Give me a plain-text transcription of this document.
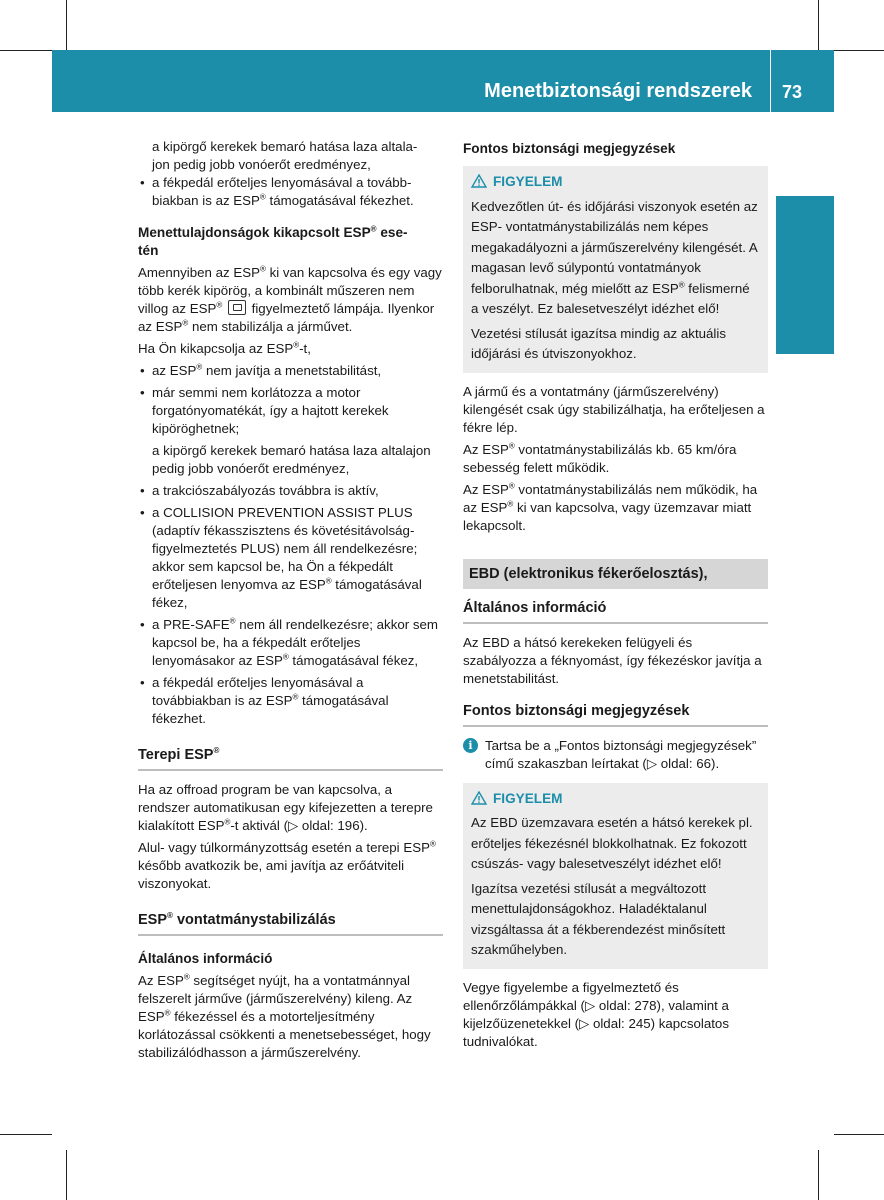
Menetbiztonsági rendszerek 73
Biztonság

a kipörgő kerekek bemaró hatása laza altala-
jon pedig jobb vonóerőt eredményez,

• a fékpedál erőteljes lenyomásával a tovább-
biakban is az ESP® támogatásával fékezhet.

Menettulajdonságok kikapcsolt ESP® ese-
tén

Amennyiben az ESP® ki van kapcsolva és egy vagy több kerék kipörög, a kombinált műszeren nem villog az ESP®  figyelmeztető lámpája. Ilyenkor az ESP® nem stabilizálja a járművet.

Ha Ön kikapcsolja az ESP®-t,

• az ESP® nem javítja a menetstabilitást,

• már semmi nem korlátozza a motor forgatónyomatékát, így a hajtott kerekek kipöröghetnek;

a kipörgő kerekek bemaró hatása laza altalajon pedig jobb vonóerőt eredményez,

• a trakciószabályozás továbbra is aktív,

• a COLLISION PREVENTION ASSIST PLUS (adaptív fékasszisztens és követésitávolság-figyelmeztetés PLUS) nem áll rendelkezésre; akkor sem kapcsol be, ha Ön a fékpedált erőteljesen lenyomva az ESP® támogatásával fékez,

• a PRE-SAFE® nem áll rendelkezésre; akkor sem kapcsol be, ha a fékpedált erőteljes lenyomásakor az ESP® támogatásával fékez,

• a fékpedál erőteljes lenyomásával a továbbiakban is az ESP® támogatásával fékezhet.

Terepi ESP®

Ha az offroad program be van kapcsolva, a rendszer automatikusan egy kifejezetten a terepre kialakított ESP®-t aktivál (▷ oldal: 196).

Alul- vagy túlkormányzottság esetén a terepi ESP® később avatkozik be, ami javítja az erőátviteli viszonyokat.

ESP® vontatmánystabilizálás
Általános információ

Az ESP® segítséget nyújt, ha a vontatmánnyal felszerelt járműve (járműszerelvény) kileng. Az ESP® fékezéssel és a motorteljesítmény korlátozással csökkenti a menetsebességet, hogy stabilizálódhasson a járműszerelvény.

Fontos biztonsági megjegyzések
FIGYELEM

Kedvezőtlen út- és időjárási viszonyok esetén az ESP- vontatmánystabilizálás nem képes megakadályozni a járműszerelvény kilengését. A magasan levő súlypontú vontatmányok felborulhatnak, még mielőtt az ESP® felismerné a veszélyt. Ez balesetveszélyt idézhet elő!

Vezetési stílusát igazítsa mindig az aktuális időjárási és útviszonyokhoz.

A jármű és a vontatmány (járműszerelvény) kilengését csak úgy stabilizálhatja, ha erőteljesen a fékre lép.

Az ESP® vontatmánystabilizálás kb. 65 km/óra sebesség felett működik.

Az ESP® vontatmánystabilizálás nem működik, ha az ESP® ki van kapcsolva, vagy üzemzavar miatt lekapcsolt.

EBD (elektronikus fékerőelosztás),
Általános információ

Az EBD a hátsó kerekeken felügyeli és szabályozza a féknyomást, így fékezéskor javítja a menetstabilitást.

Fontos biztonsági megjegyzések
i Tartsa be a „Fontos biztonsági megjegyzések” című szakaszban leírtakat (▷ oldal: 66).
FIGYELEM

Az EBD üzemzavara esetén a hátsó kerekek pl. erőteljes fékezésnél blokkolhatnak. Ez fokozott csúszás- vagy balesetveszélyt idézhet elő!

Igazítsa vezetési stílusát a megváltozott menettulajdonságokhoz. Haladéktalanul vizsgáltassa át a fékberendezést minősített szakműhelyben.

Vegye figyelembe a figyelmeztető és ellenőrzőlámpákkal (▷ oldal: 278), valamint a kijelzőüzenetekkel (▷ oldal: 245) kapcsolatos tudnivalókat.
